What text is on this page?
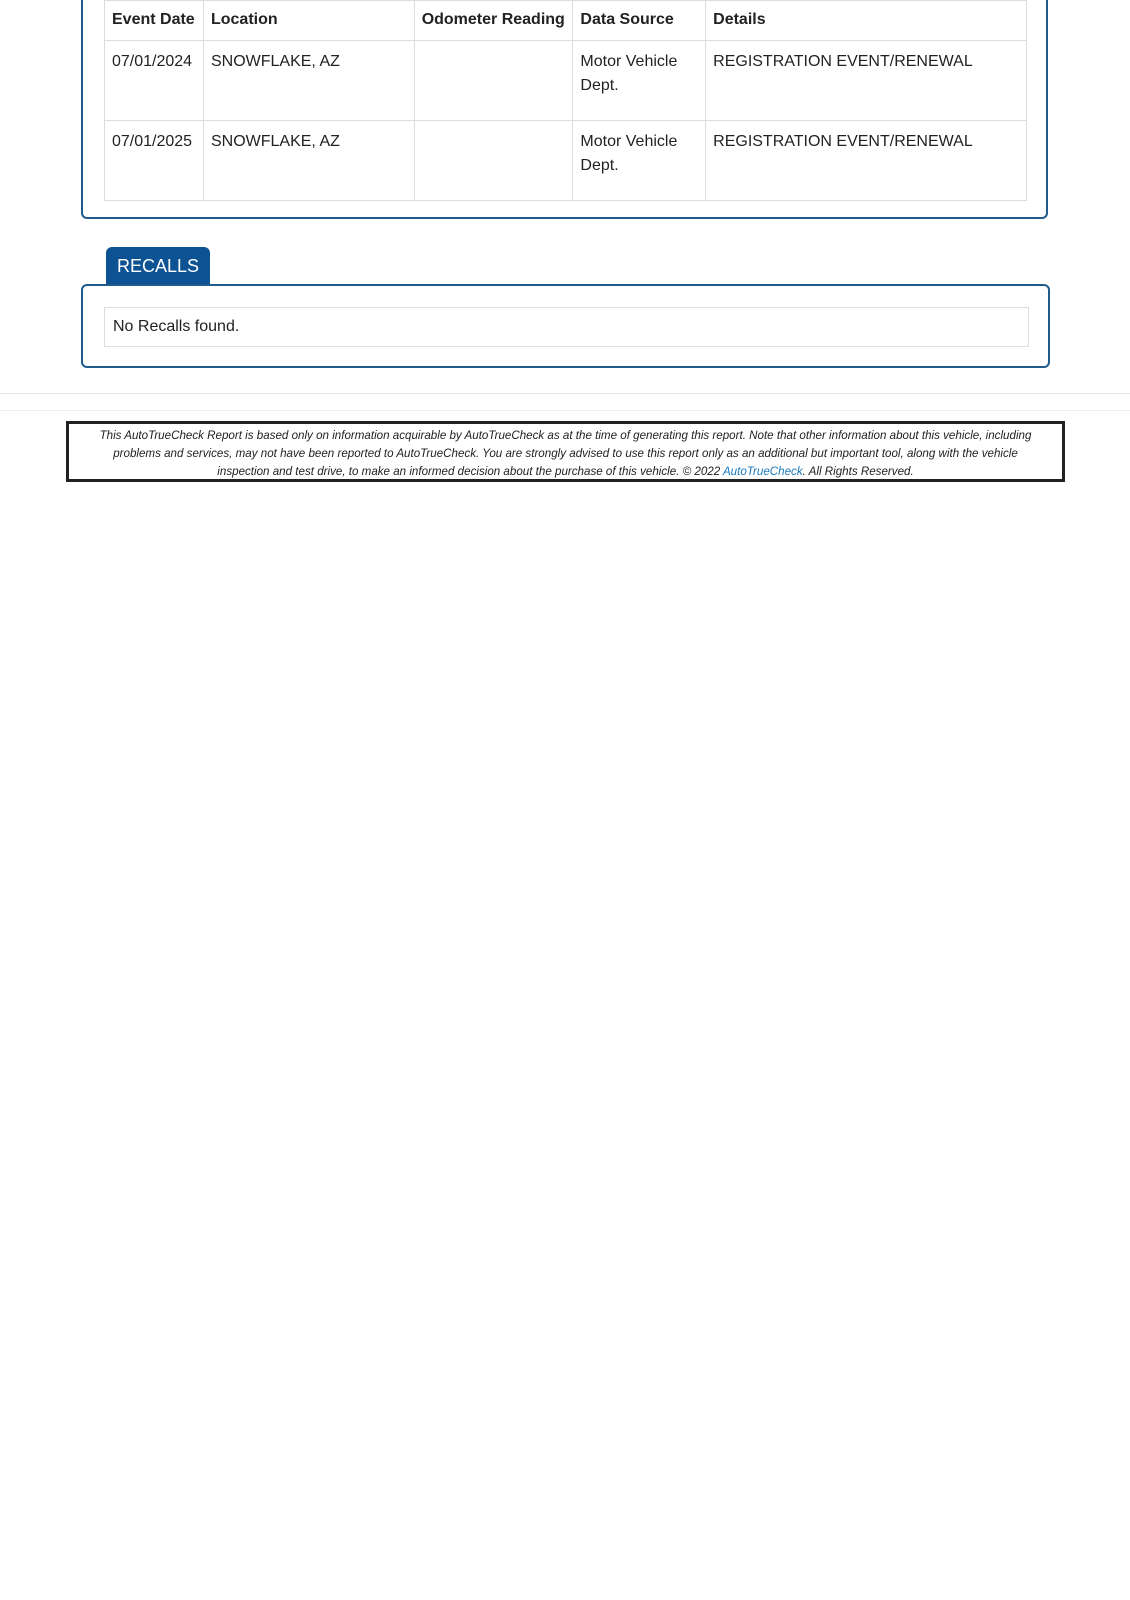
Event Date	Location	Odometer Reading	Data Source	Details
07/01/2024	SNOWFLAKE, AZ		Motor Vehicle Dept.	REGISTRATION EVENT/RENEWAL
07/01/2025	SNOWFLAKE, AZ		Motor Vehicle Dept.	REGISTRATION EVENT/RENEWAL
RECALLS
No Recalls found.
This AutoTrueCheck Report is based only on information acquirable by AutoTrueCheck as at the time of generating this report. Note that other information about this vehicle, including problems and services, may not have been reported to AutoTrueCheck. You are strongly advised to use this report only as an additional but important tool, along with the vehicle inspection and test drive, to make an informed decision about the purchase of this vehicle. © 2022 AutoTrueCheck. All Rights Reserved.
